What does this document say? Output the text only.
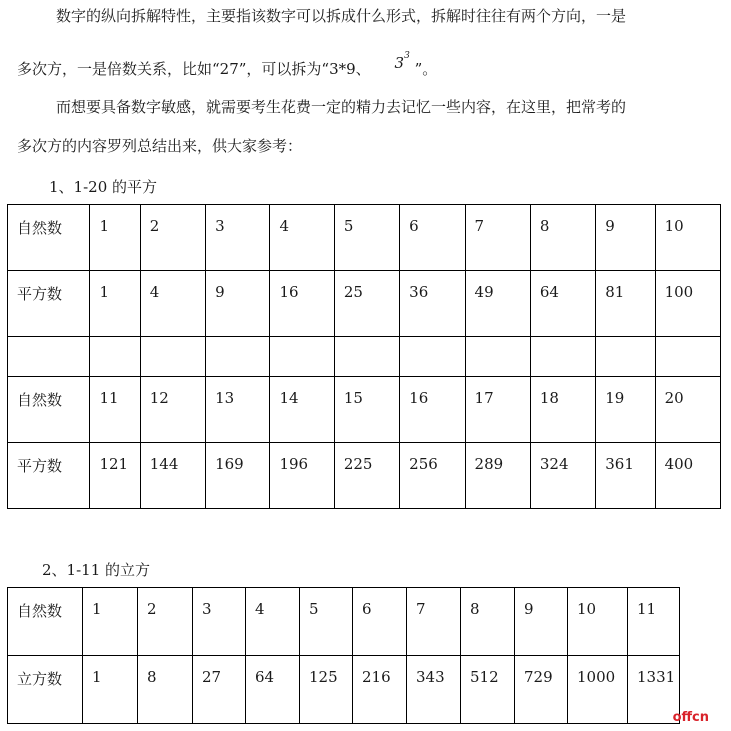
数字的纵向拆解特性，主要指该数字可以拆成什么形式，拆解时往往有两个方向，一是
多次方，一是倍数关系，比如“27”，可以拆为“3*9、 $3^3$ ”。
而想要具备数字敏感，就需要考生花费一定的精力去记忆一些内容，在这里，把常考的
多次方的内容罗列总结出来，供大家参考：
1、1-20 的平方
自然数	1	2	3	4	5	6	7	8	9	10
平方数	1	4	9	16	25	36	49	64	81	100

自然数	11	12	13	14	15	16	17	18	19	20
平方数	121	144	169	196	225	256	289	324	361	400
2、1-11 的立方
自然数	1	2	3	4	5	6	7	8	9	10	11
立方数	1	8	27	64	125	216	343	512	729	1000	1331
offcn
